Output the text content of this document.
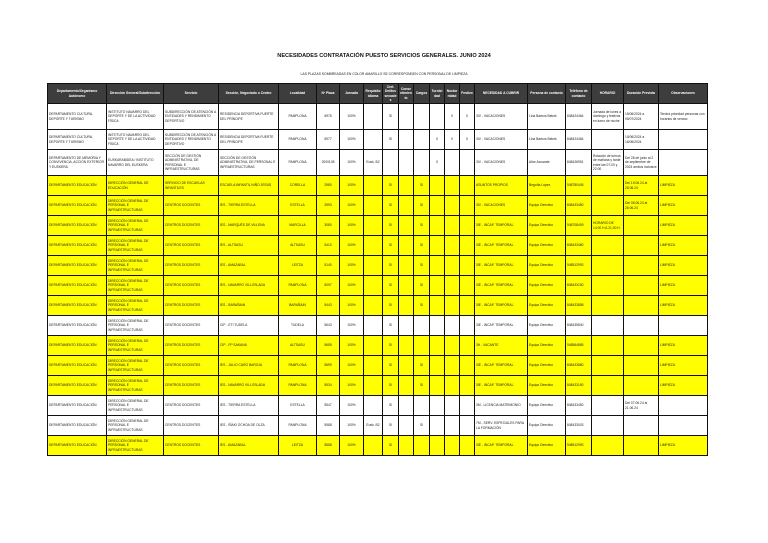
NECESIDADES CONTRATACIÓN PUESTO SERVICIOS GENERALES. JUNIO 2024
LAS PLAZAS SOMBREADAS EN COLOR AMARILLO SE CORRESPONDEN CON PERSONAL DE LIMPIEZA
Departamento/Organismo Autónomo	Dirección General/Subdirección	Servicio	Sección, Negociado o Centro	Localidad	Nº Plaza	Jornada	Requisito idioma	Cert. Delitos sexuales	Consentimiento	Cargos	Turnicidad	Nocturnidad	Festivo	NECESIDAD A CUBRIR	Persona de contacto	Teléfono de contacto	HORARIO	Duración Prevista	Observaciones
DEPARTAMENTO CULTURA, DEPORTE Y TURISMO	INSTITUTO NAVARRO DEL DEPORTE Y DE LA ACTIVIDAD FÍSICA	SUBDIRECCIÓN DE ATENCIÓN A ENTIDADES Y RENDIMIENTO DEPORTIVO	RESIDENCIA DEPORTIVA FUERTE DEL PRÍNCIPE	PAMPLONA	6975	100%		SI				X	X	3IV - VACACIONES	Lina Barbos Bekek	848424464	Jornada de lunes a domingo y festivos en turno de noche	15/06/2024 a 05/07/2024	Tendrá prioridad personas con horarios de verano
DEPARTAMENTO CULTURA, DEPORTE Y TURISMO	INSTITUTO NAVARRO DEL DEPORTE Y DE LA ACTIVIDAD FÍSICA	SUBDIRECCIÓN DE ATENCIÓN A ENTIDADES Y RENDIMIENTO DEPORTIVO	RESIDENCIA DEPORTIVA FUERTE DEL PRÍNCIPE	PAMPLONA	6977	100%		SI			X	X	X	3IV - VACACIONES	Lina Barbos Bekek	848424464		15/06/2024 a 16/06/2024	
DEPARTAMENTO DE MEMORIA Y CONVIVENCIA, ACCIÓN EXTERIOR Y EUSKERA	EUSKARABIDEA / INSTITUTO NAVARRO DEL EUSKERA	SECCIÓN DE GESTIÓN ADMINISTRATIVA, DE PERSONAL E INFRAESTRUCTURAS	SECCIÓN DE GESTIÓN ADMINISTRATIVA, DE PERSONAL E INFRAESTRUCTURAS	PAMPLONA	2000108	100%	Eusk. B2				X			3IV - VACACIONES	Aitor Azcarate	848426951	Rotación de turnos de mañana y tarde entre las 07:00 y 22:00	Del 28 de junio al 2 de septiembre de 2024 ambos inclusive	
DEPARTAMENTO EDUCACIÓN	DIRECCIÓN GENERAL DE EDUCACIÓN	SERVICIO DE ESCUELAS INFANTILES	ESCUELA INFANTIL NIÑO JESÚS	CORELLA	2980	100%		SI		SI				ASUNTOS PROPIOS	Begoña López	948780445		Del 19.06.24 al 28.06.24	LIMPIEZA
DEPARTAMENTO EDUCACIÓN	DIRECCIÓN GENERAL DE PERSONAL E INFRAESTRUCTURAS	CENTROS DOCENTES	IES - TIERRA ESTELLA	ESTELLA	2993	100%		SI		SI				3IV - VACACIONES	Equipo Directivo	848433450		Del 05.06.24 al 28.06.24	LIMPIEZA
DEPARTAMENTO EDUCACIÓN	DIRECCIÓN GENERAL DE PERSONAL E INFRAESTRUCTURAS	CENTROS DOCENTES	IES - MARQUÉS DE VILLENA	MARCILLA	3080	100%		SI		SI				3IE - INCAP. TEMPORAL	Equipo Directivo	948708409	HORARIO DE 14:00 H A 21:30 H		LIMPIEZA
DEPARTAMENTO EDUCACIÓN	DIRECCIÓN GENERAL DE PERSONAL E INFRAESTRUCTURAS	CENTROS DOCENTES	IES - ALTSASU	ALTSASU	5410	100%		SI		SI				3IE - INCAP. TEMPORAL	Equipo Directivo	848433480			LIMPIEZA
DEPARTAMENTO EDUCACIÓN	DIRECCIÓN GENERAL DE PERSONAL E INFRAESTRUCTURAS	CENTROS DOCENTES	IES - AMAZABAL	LEITZA	5140	100%		SI		SI				3IE - INCAP. TEMPORAL	Equipo Directivo	948512993			LIMPIEZA
DEPARTAMENTO EDUCACIÓN	DIRECCIÓN GENERAL DE PERSONAL E INFRAESTRUCTURAS	CENTROS DOCENTES	IES - NAVARRO VILLOSLADA	PAMPLONA	5097	100%		SI		SI				3IE - INCAP. TEMPORAL	Equipo Directivo	848433150			LIMPIEZA
DEPARTAMENTO EDUCACIÓN	DIRECCIÓN GENERAL DE PERSONAL E INFRAESTRUCTURAS	CENTROS DOCENTES	IES - BARAÑAIN	BARAÑAIN	5443	100%		SI		SI				3IE - INCAP. TEMPORAL	Equipo Directivo	848433858			LIMPIEZA
DEPARTAMENTO EDUCACIÓN	DIRECCIÓN GENERAL DE PERSONAL E INFRAESTRUCTURAS	CENTROS DOCENTES	CIP - ETI TUDELA	TUDELA	5643	100%		SI						3IE - INCAP. TEMPORAL	Equipo Directivo	848435840			
DEPARTAMENTO EDUCACIÓN	DIRECCIÓN GENERAL DE PERSONAL E INFRAESTRUCTURAS	CENTROS DOCENTES	CIP - FP SAKANA	ALTSASU	5655	100%		SI						3H - VACANTE	Equipo Directivo	948564865			LIMPIEZA
DEPARTAMENTO EDUCACIÓN	DIRECCIÓN GENERAL DE PERSONAL E INFRAESTRUCTURAS	CENTROS DOCENTES	IES - JULIO CARO BAROJA	PAMPLONA	5699	100%		SI		SI				3IE - INCAP. TEMPORAL	Equipo Directivo	848433880			LIMPIEZA
DEPARTAMENTO EDUCACIÓN	DIRECCIÓN GENERAL DE PERSONAL E INFRAESTRUCTURAS	CENTROS DOCENTES	IES - NAVARRO VILLOSLADA	PAMPLONA	5534	100%		SI		SI				3IE - INCAP. TEMPORAL	Equipo Directivo	848433150			LIMPIEZA
DEPARTAMENTO EDUCACIÓN	DIRECCIÓN GENERAL DE PERSONAL E INFRAESTRUCTURAS	CENTROS DOCENTES	IES - TIERRA ESTELLA	ESTELLA	5547	100%		SI						3M - LICENCIA MATRIMONIO	Equipo Directivo	848433450		Del 07.06.24 al 21.06.24	
DEPARTAMENTO EDUCACIÓN	DIRECCIÓN GENERAL DE PERSONAL E INFRAESTRUCTURAS	CENTROS DOCENTES	IES - IÑAKI OCHOA DE OLZA	PAMPLONA	5588	100%	Eusk. B2	SI		SI				7M - SERV. ESPECIALES PARA LA FORMACIÓN	Equipo Directivo	848433003			
DEPARTAMENTO EDUCACIÓN	DIRECCIÓN GENERAL DE PERSONAL E INFRAESTRUCTURAS	CENTROS DOCENTES	IES - AMAZABAL	LEITZA	5558	100%		SI						3IE - INCAP. TEMPORAL	Equipo Directivo	948512993			LIMPIEZA
